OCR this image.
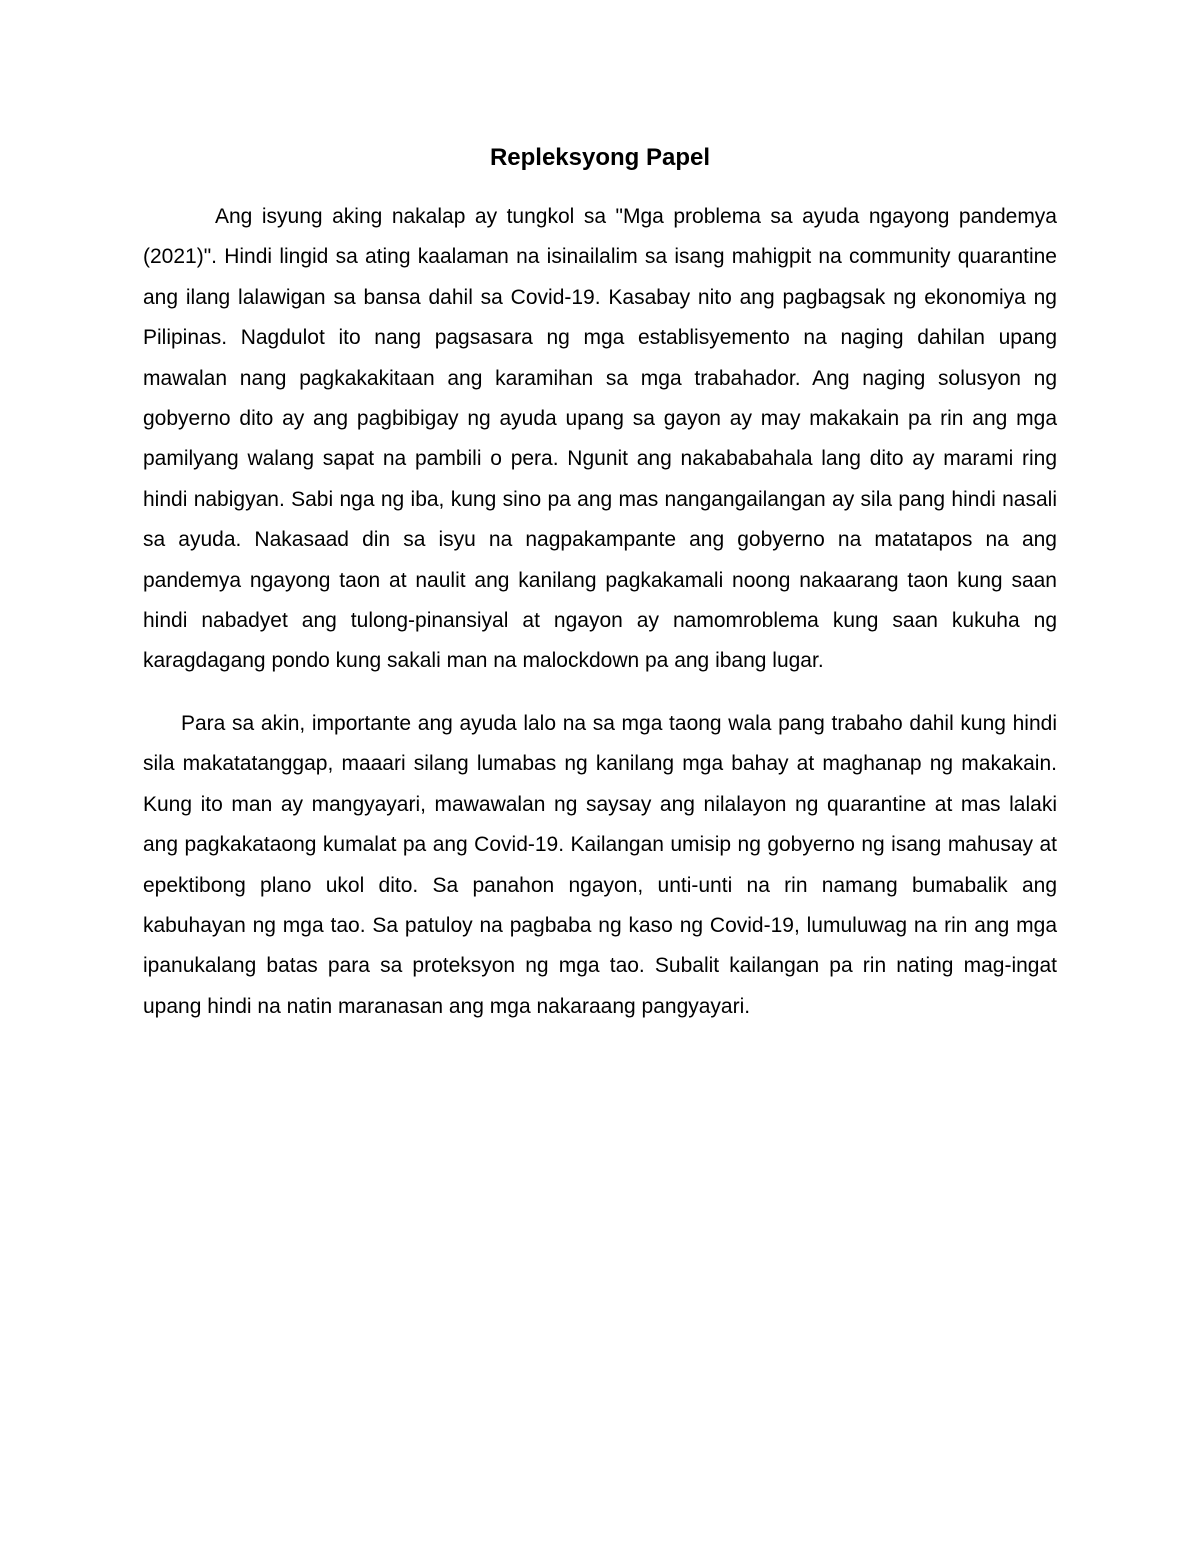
Repleksyong Papel

Ang isyung aking nakalap ay tungkol sa "Mga problema sa ayuda ngayong pandemya (2021)". Hindi lingid sa ating kaalaman na isinailalim sa isang mahigpit na community quarantine ang ilang lalawigan sa bansa dahil sa Covid-19. Kasabay nito ang pagbagsak ng ekonomiya ng Pilipinas. Nagdulot ito nang pagsasara ng mga establisyemento na naging dahilan upang mawalan nang pagkakakitaan ang karamihan sa mga trabahador. Ang naging solusyon ng gobyerno dito ay ang pagbibigay ng ayuda upang sa gayon ay may makakain pa rin ang mga pamilyang walang sapat na pambili o pera. Ngunit ang nakababahala lang dito ay marami ring hindi nabigyan. Sabi nga ng iba, kung sino pa ang mas nangangailangan ay sila pang hindi nasali sa ayuda. Nakasaad din sa isyu na nagpakampante ang gobyerno na matatapos na ang pandemya ngayong taon at naulit ang kanilang pagkakamali noong nakaarang taon kung saan hindi nabadyet ang tulong-pinansiyal at ngayon ay namomroblema kung saan kukuha ng karagdagang pondo kung sakali man na malockdown pa ang ibang lugar.

Para sa akin, importante ang ayuda lalo na sa mga taong wala pang trabaho dahil kung hindi sila makatatanggap, maaari silang lumabas ng kanilang mga bahay at maghanap ng makakain. Kung ito man ay mangyayari, mawawalan ng saysay ang nilalayon ng quarantine at mas lalaki ang pagkakataong kumalat pa ang Covid-19. Kailangan umisip ng gobyerno ng isang mahusay at epektibong plano ukol dito. Sa panahon ngayon, unti-unti na rin namang bumabalik ang kabuhayan ng mga tao. Sa patuloy na pagbaba ng kaso ng Covid-19, lumuluwag na rin ang mga ipanukalang batas para sa proteksyon ng mga tao. Subalit kailangan pa rin nating mag-ingat upang hindi na natin maranasan ang mga nakaraang pangyayari.
